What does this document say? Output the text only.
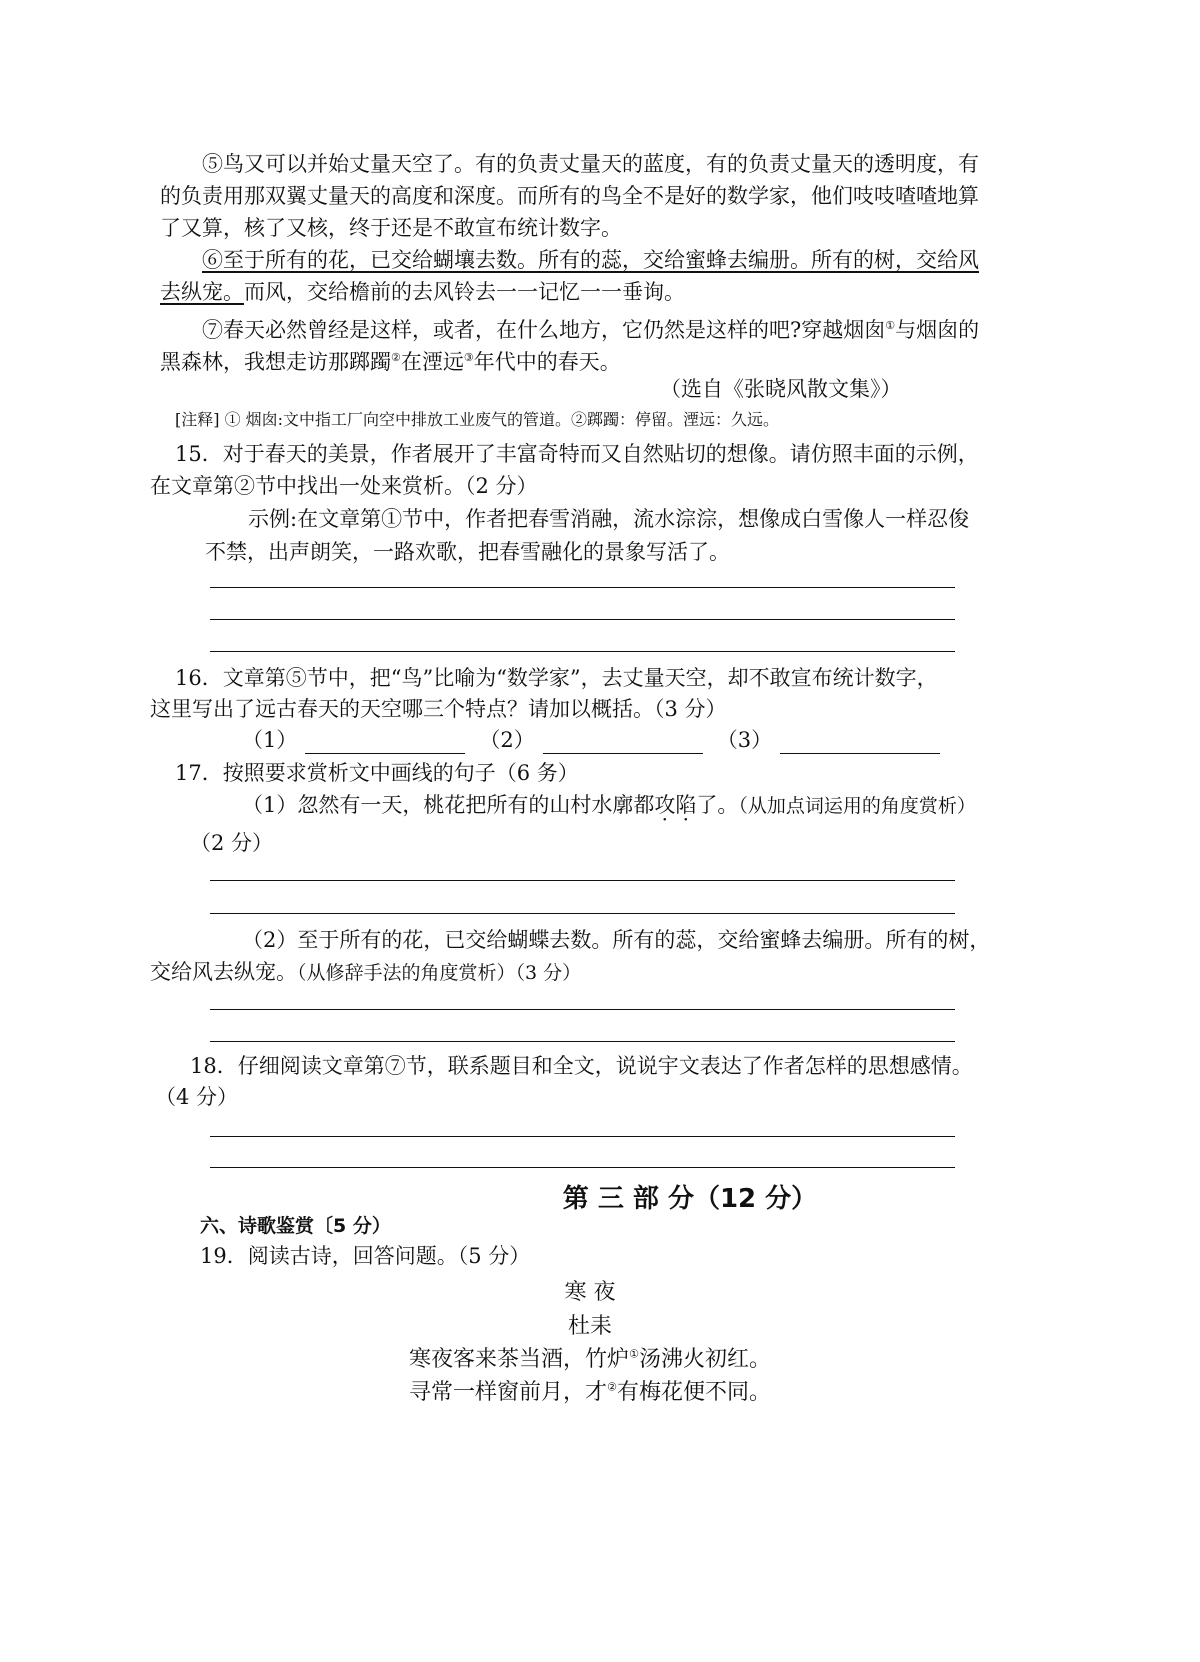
⑤鸟又可以并始丈量天空了。有的负责丈量天的蓝度，有的负责丈量天的透明度，有
的负责用那双翼丈量天的高度和深度。而所有的鸟全不是好的数学家，他们吱吱喳喳地算
了又算，核了又核，终于还是不敢宣布统计数字。
⑥至于所有的花，已交给蝴壤去数。所有的蕊，交给蜜蜂去编册。所有的树，交给风
去纵宠。而风，交给檐前的去风铃去一一记忆一一垂询。
⑦春天必然曾经是这样，或者，在什么地方，它仍然是这样的吧?穿越烟囱①与烟囱的
黑森林，我想走访那踯躅②在湮远③年代中的春天。
（选自《张晓风散文集》）
[注释] ① 烟囱:文中指工厂向空中排放工业废气的管道。②踯躅：停留。湮远：久远。
15．对于春天的美景，作者展开了丰富奇特而又自然贴切的想像。请仿照丰面的示例，
在文章第②节中找出一处来赏析。（2 分）
示例:在文章第①节中，作者把春雪消融，流水淙淙，想像成白雪像人一样忍俊
不禁，出声朗笑，一路欢歌，把春雪融化的景象写活了。
16．文章第⑤节中，把“鸟”比喻为“数学家”，去丈量天空，却不敢宣布统计数字，
这里写出了远古春天的天空哪三个特点？请加以概括。（3 分）
（1）	（2）	（3）
17．按照要求赏析文中画线的句子（6 务）
（1）忽然有一天，桃花把所有的山村水廓都攻陷了。（从加点词运用的角度赏析）
（2 分）
（2）至于所有的花，已交给蝴蝶去数。所有的蕊，交给蜜蜂去编册。所有的树，
交给风去纵宠。（从修辞手法的角度赏析）（3 分）
18．仔细阅读文章第⑦节，联系题目和全文，说说宇文表达了作者怎样的思想感情。
（4 分）
第 三 部 分（12 分）
六、诗歌鉴赏〔5 分）
19．阅读古诗，回答问题。（5 分）
寒 夜
杜耒
寒夜客来茶当酒，竹炉①汤沸火初红。
寻常一样窗前月，才②有梅花便不同。
